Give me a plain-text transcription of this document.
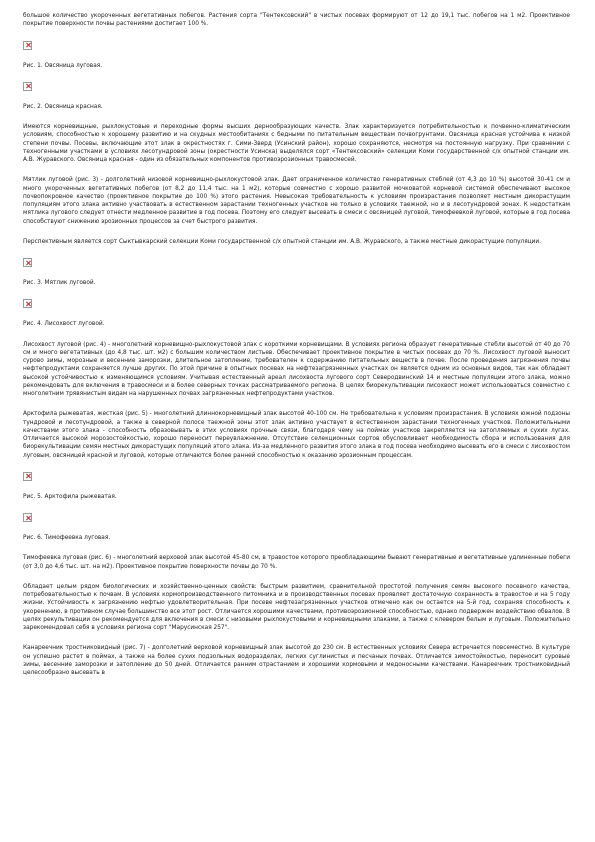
большое количество укороченных вегетативных побегов. Растения сорта "Тентексовский" в чистых посевах формируют от 12 до 19,1 тыс. побегов на 1 м2. Проективное покрытие поверхности почвы растениями достигает 100 %.

Рис. 1. Овсяница луговая.

Рис. 2. Овсяница красная.

Имеются корневищные, рыхлокустовые и переходные формы высших дернообразующих качеств. Злак характеризуется потребительностью к почвенно-климатическим условиям, способностью к хорошему развитию и на скудных местообитаниях с бедными по питательным веществам почвогрунтами. Овсяница красная устойчива к низкой степени почвы. Посевы, включающие этот злак в окрестностях г. Сими-Зверд (Усинский район), хорошо сохраняются, несмотря на постоянную нагрузку. При сравнении с техногенными участками в условиях лесотундровой зоны (окрестности Усинска) выделялся сорт «Тентексовский» селекции Коми государственной с/х опытной станции им. А.В. Журавского. Овсяница красная - один из обязательных компонентов противоэрозионных травосмесей.

Мятлик луговой (рис. 3) - долголетний низовой корневищно-рыхлокустовой злак. Дает ограниченное количество генеративных стеблей (от 4,3 до 10 %) высотой 30-41 см и много укороченных вегетативных побегов (от 8,2 до 11,4 тыс. на 1 м2), которые совместно с хорошо развитой мочковатой корневой системой обеспечивают высокое почвопокровное качество (проективное покрытие до 100 %) этого растения. Невысокая требовательность к условиям произрастания позволяет местным дикорастущим популяциям этого злака активно участвовать в естественном зарастании техногенных участков не только в условиях таежной, но и в лесотундровой зонах. К недостаткам мятлика лугового следует отнести медленное развитие в год посева. Поэтому его следует высевать в смеси с овсяницей луговой, тимофеевкой луговой, которые в год посева способствуют снижению эрозионных процессов за счет быстрого развития.

Перспективным является сорт Сыктывкарский селекции Коми государственной с/х опытной станции им. А.В. Журавского, а также местные дикорастущие популяции.

Рис. 3. Мятлик луговой.

Рис. 4. Лисохвост луговой.

Лисохвост луговой (рис. 4) - многолетний корневищно-рыхлокустовой злак с короткими корневищами. В условиях региона образует генеративные стебли высотой от 40 до 70 см и много вегетативных (до 4,8 тыс. шт. м2) с большим количеством листьев. Обеспечивает проективное покрытие в чистых посевах до 70 %. Лисохвост луговой выносит сурово зимы, морозные и весенние заморозки, длительное затопление, требователен к содержанию питательных веществ в почве. После проведения загрязнения почвы нефтепродуктами сохраняется лучше других. По этой причине в опытных посевах на нефтезагрязненных участках он является одним из основных видов, так как обладает высокой устойчивостью к изменяющимся условиям. Учитывая естественный ареал лисохвоста лугового сорт Северодвинский 14 и местные популяции этого злака, можно рекомендовать для включения в травосмеси и в более северных точках рассматриваемого региона. В целях биорекультивации лисохвост может использоваться совместно с многолетним трявянистым видам на нарушенных почвах загрязненных нефтепродуктами участков.

Арктофила рыжеватая, жесткая (рис. 5) - многолетний длиннокорневищный злак высотой 40-100 см. Не требовательна к условиям произрастания. В условиях южной подзоны тундровой и лесотундровой, а также в северной полосе таежной зоны этот злак активно участвует в естественном зарастании техногенных участков. Положительными качествами этого злака - способность образовывать в этих условиях прочные связи, благодаря чему на поймах участков закрепляется на затопляемых и сухих лугах. Отличается высокой морозостойкостью, хорошо переносит переувлажнение. Отсутствие селекционных сортов обусловливает необходимость сбора и использования для биорекультивации семян местных дикорастущих популяций этого злака. Из-за медленного развития этого злака в год посева необходимо высевать его в смеси с лисохвостом луговым, овсяницей красной и луговой, которые отличаются более ранней способностью к оказанию эрозионным процессам.

Рис. 5. Арктофила рыжеватая.

Рис. 6. Тимофеевка луговая.

Тимофеевка луговая (рис. 6) - многолетний верховой злак высотой 45-80 см, в травостое которого преобладающими бывают генеративные и вегетативные удлиненные побеги (от 3,0 до 4,6 тыс. шт. на м2). Проективное покрытие поверхности почвы до 70 %.

Обладает целым рядом биологических и хозяйственно-ценных свойств: быстрым развитием, сравнительной простотой получения семян высокого посевного качества, потребовательностью к почвам. В условиях кормопроизводственного питомника и в производственных посевах проявляет достаточную сохранность в травостое и на 5 году жизни. Устойчивость к загрязнению нефтью удовлетворительная. При посеве нефтезагрязненных участков отмечено как он остается на 5-й год, сохраняя способность к укоренению, в противном случае большинство все этот рост. Отличается хорошими качествами, противоэрозионной способностью, однако подвержен воздействию обвалов. В целях рекультивации он рекомендуется для включения в смеси с низовыми рыхлокустовыми и корневищными злаками, а также с клевером белым и луговым. Положительно зарекомендовал себя в условиях региона сорт "Марусинская 257".

Канареечник тростниковидный (рис. 7) - долголетний верховой корневищный злак высотой до 230 см. В естественных условиях Севера встречается повсеместно. В культуре он успешно растет в поймах, а также на более сухих подзольных водоразделах, легких суглинистых и песчаных почвах. Отличается зимостойкостью, переносит суровые зимы, весенние заморозки и затопление до 50 дней. Отличается ранним отрастанием и хорошими кормовыми и медоносными качествами. Канареечник тростниковидный целесообразно высевать в
